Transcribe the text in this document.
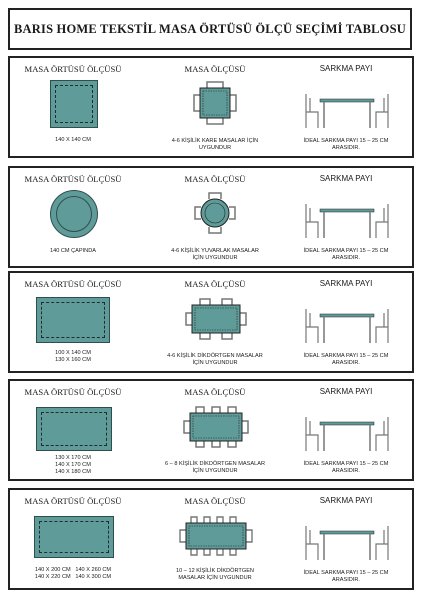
BARIS HOME TEKSTİL MASA ÖRTÜSÜ ÖLÇÜ SEÇİMİ TABLOSU
MASA ÖRTÜSÜ ÖLÇÜSÜ
140 X 140 CM
MASA ÖLÇÜSÜ
4-6 KİŞİLİK KARE MASALAR İÇİN
UYGUNDUR
SARKMA PAYI
İDEAL SARKMA PAYI 15 – 25 CM
ARASIDIR.
MASA ÖRTÜSÜ ÖLÇÜSÜ
140 CM ÇAPINDA
MASA ÖLÇÜSÜ
4-6 KİŞİLİK YUVARLAK MASALAR
İÇİN UYGUNDUR
SARKMA PAYI
İDEAL SARKMA PAYI 15 – 25 CM
ARASIDIR.
MASA ÖRTÜSÜ ÖLÇÜSÜ
100 X 140 CM
130 X 160 CM
MASA ÖLÇÜSÜ
4-6 KİŞİLİK DİKDÖRTGEN MASALAR
İÇİN UYGUNDUR
SARKMA PAYI
İDEAL SARKMA PAYI 15 – 25 CM
ARASIDIR.
MASA ÖRTÜSÜ ÖLÇÜSÜ
130 X 170 CM
140 X 170 CM
140 X 180 CM
MASA ÖLÇÜSÜ
6 – 8 KİŞİLİK DİKDÖRTGEN MASALAR
İÇİN UYGUNDUR
SARKMA PAYI
İDEAL SARKMA PAYI 15 – 25 CM
ARASIDIR.
MASA ÖRTÜSÜ ÖLÇÜSÜ
140 X 200 CM   140 X 260 CM
140 X 220 CM   140 X 300 CM
MASA ÖLÇÜSÜ
10 – 12 KİŞİLİK DİKDÖRTGEN
MASALAR İÇİN UYGUNDUR
SARKMA PAYI
İDEAL SARKMA PAYI 15 – 25 CM
ARASIDIR.
